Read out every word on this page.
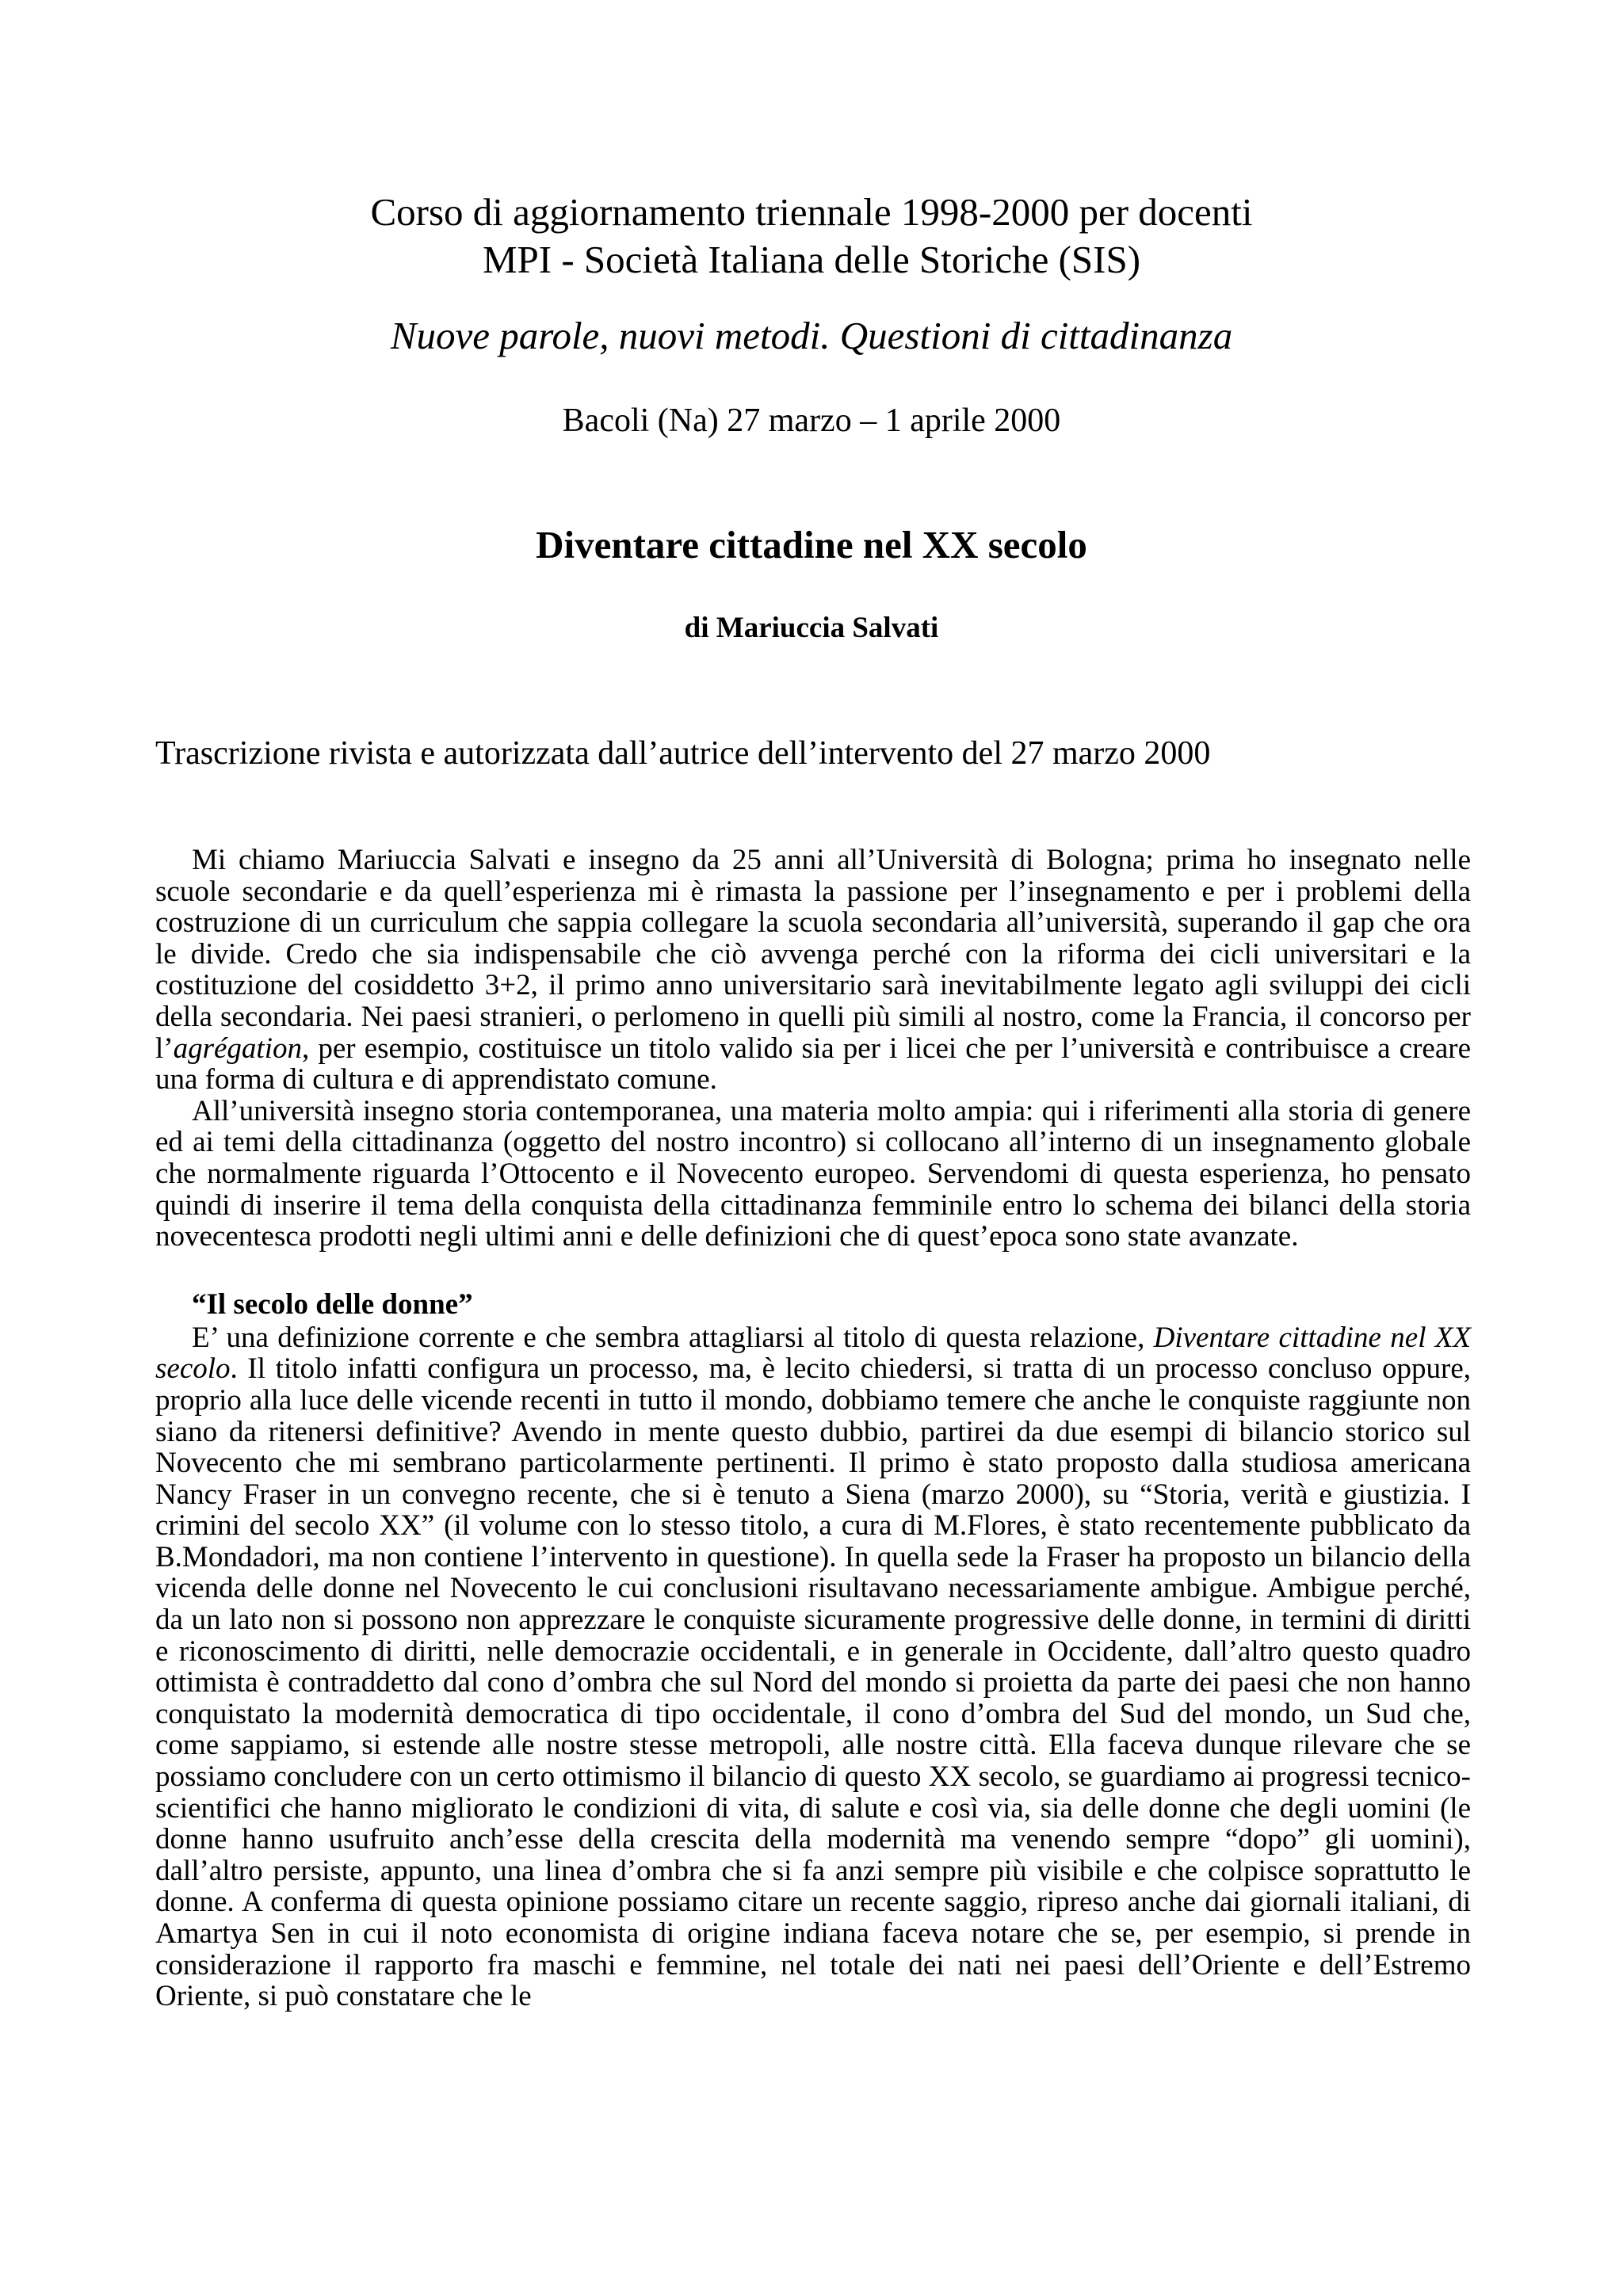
Corso di aggiornamento triennale 1998-2000 per docenti
MPI - Società Italiana delle Storiche (SIS)
Nuove parole, nuovi metodi. Questioni di cittadinanza
Bacoli (Na) 27 marzo – 1 aprile 2000
Diventare cittadine nel XX secolo
di Mariuccia Salvati

Trascrizione rivista e autorizzata dall’autrice dell’intervento del 27 marzo 2000

Mi chiamo Mariuccia Salvati e insegno da 25 anni all’Università di Bologna; prima ho insegnato nelle scuole secondarie e da quell’esperienza mi è rimasta la passione per l’insegnamento e per i problemi della costruzione di un curriculum che sappia collegare la scuola secondaria all’università, superando il gap che ora le divide. Credo che sia indispensabile che ciò avvenga perché con la riforma dei cicli universitari e la costituzione del cosiddetto 3+2, il primo anno universitario sarà inevitabilmente legato agli sviluppi dei cicli della secondaria. Nei paesi stranieri, o perlomeno in quelli più simili al nostro, come la Francia, il concorso per l’agrégation, per esempio, costituisce un titolo valido sia per i licei che per l’università e contribuisce a creare una forma di cultura e di apprendistato comune.

All’università insegno storia contemporanea, una materia molto ampia: qui i riferimenti alla storia di genere ed ai temi della cittadinanza (oggetto del nostro incontro) si collocano all’interno di un insegnamento globale che normalmente riguarda l’Ottocento e il Novecento europeo. Servendomi di questa esperienza, ho pensato quindi di inserire il tema della conquista della cittadinanza femminile entro lo schema dei bilanci della storia novecentesca prodotti negli ultimi anni e delle definizioni che di quest’epoca sono state avanzate.

“Il secolo delle donne”

E’ una definizione corrente e che sembra attagliarsi al titolo di questa relazione, Diventare cittadine nel XX secolo. Il titolo infatti configura un processo, ma, è lecito chiedersi, si tratta di un processo concluso oppure, proprio alla luce delle vicende recenti in tutto il mondo, dobbiamo temere che anche le conquiste raggiunte non siano da ritenersi definitive? Avendo in mente questo dubbio, partirei da due esempi di bilancio storico sul Novecento che mi sembrano particolarmente pertinenti. Il primo è stato proposto dalla studiosa americana Nancy Fraser in un convegno recente, che si è tenuto a Siena (marzo 2000), su “Storia, verità e giustizia. I crimini del secolo XX” (il volume con lo stesso titolo, a cura di M.Flores, è stato recentemente pubblicato da B.Mondadori, ma non contiene l’intervento in questione). In quella sede la Fraser ha proposto un bilancio della vicenda delle donne nel Novecento le cui conclusioni risultavano necessariamente ambigue. Ambigue perché, da un lato non si possono non apprezzare le conquiste sicuramente progressive delle donne, in termini di diritti e riconoscimento di diritti, nelle democrazie occidentali, e in generale in Occidente, dall’altro questo quadro ottimista è contraddetto dal cono d’ombra che sul Nord del mondo si proietta da parte dei paesi che non hanno conquistato la modernità democratica di tipo occidentale, il cono d’ombra del Sud del mondo, un Sud che, come sappiamo, si estende alle nostre stesse metropoli, alle nostre città. Ella faceva dunque rilevare che se possiamo concludere con un certo ottimismo il bilancio di questo XX secolo, se guardiamo ai progressi tecnico-scientifici che hanno migliorato le condizioni di vita, di salute e così via, sia delle donne che degli uomini (le donne hanno usufruito anch’esse della crescita della modernità ma venendo sempre “dopo” gli uomini), dall’altro persiste, appunto, una linea d’ombra che si fa anzi sempre più visibile e che colpisce soprattutto le donne. A conferma di questa opinione possiamo citare un recente saggio, ripreso anche dai giornali italiani, di Amartya Sen in cui il noto economista di origine indiana faceva notare che se, per esempio, si prende in considerazione il rapporto fra maschi e femmine, nel totale dei nati nei paesi dell’Oriente e dell’Estremo Oriente, si può constatare che le
